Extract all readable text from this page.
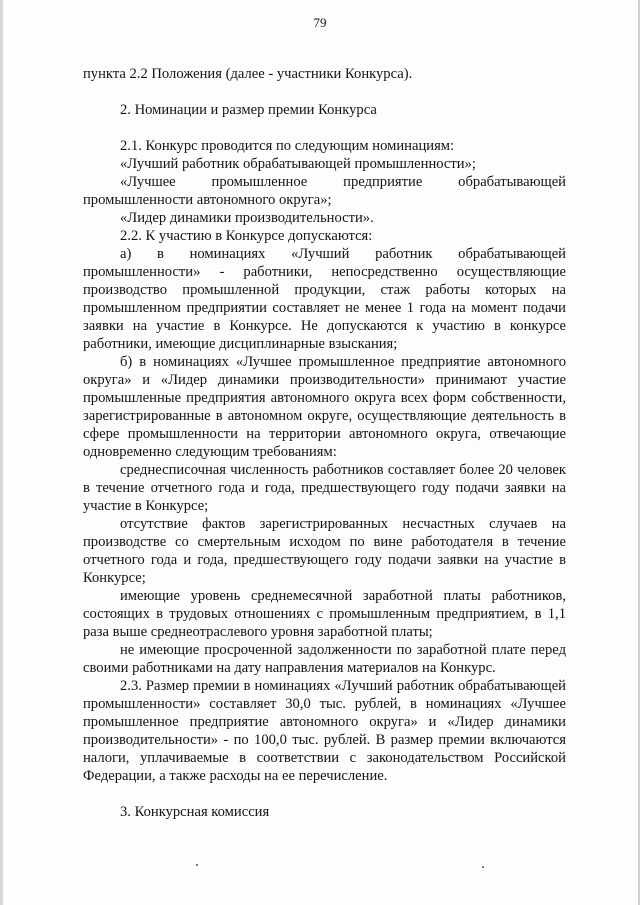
79
пункта 2.2 Положения (далее - участники Конкурса).
2. Номинации и размер премии Конкурса
2.1. Конкурс проводится по следующим номинациям:
«Лучший работник обрабатывающей промышленности»;
«Лучшее промышленное предприятие обрабатывающей
промышленности автономного округа»;
«Лидер динамики производительности».
2.2. К участию в Конкурсе допускаются:
а) в номинациях «Лучший работник обрабатывающей промышленности» - работники, непосредственно осуществляющие производство промышленной продукции, стаж работы которых на промышленном предприятии составляет не менее 1 года на момент подачи заявки на участие в Конкурсе. Не допускаются к участию в конкурсе работники, имеющие дисциплинарные взыскания;
б) в номинациях «Лучшее промышленное предприятие автономного округа» и «Лидер динамики производительности» принимают участие промышленные предприятия автономного округа всех форм собственности, зарегистрированные в автономном округе, осуществляющие деятельность в сфере промышленности на территории автономного округа, отвечающие одновременно следующим требованиям:
среднесписочная численность работников составляет более 20 человек в течение отчетного года и года, предшествующего году подачи заявки на участие в Конкурсе;
отсутствие фактов зарегистрированных несчастных случаев на производстве со смертельным исходом по вине работодателя в течение отчетного года и года, предшествующего году подачи заявки на участие в Конкурсе;
имеющие уровень среднемесячной заработной платы работников, состоящих в трудовых отношениях с промышленным предприятием, в 1,1 раза выше среднеотраслевого уровня заработной платы;
не имеющие просроченной задолженности по заработной плате перед своими работниками на дату направления материалов на Конкурс.
2.3. Размер премии в номинациях «Лучший работник обрабатывающей промышленности» составляет 30,0 тыс. рублей, в номинациях «Лучшее промышленное предприятие автономного округа» и «Лидер динамики производительности» - по 100,0 тыс. рублей. В размер премии включаются налоги, уплачиваемые в соответствии с законодательством Российской Федерации, а также расходы на ее перечисление.
3. Конкурсная комиссия
